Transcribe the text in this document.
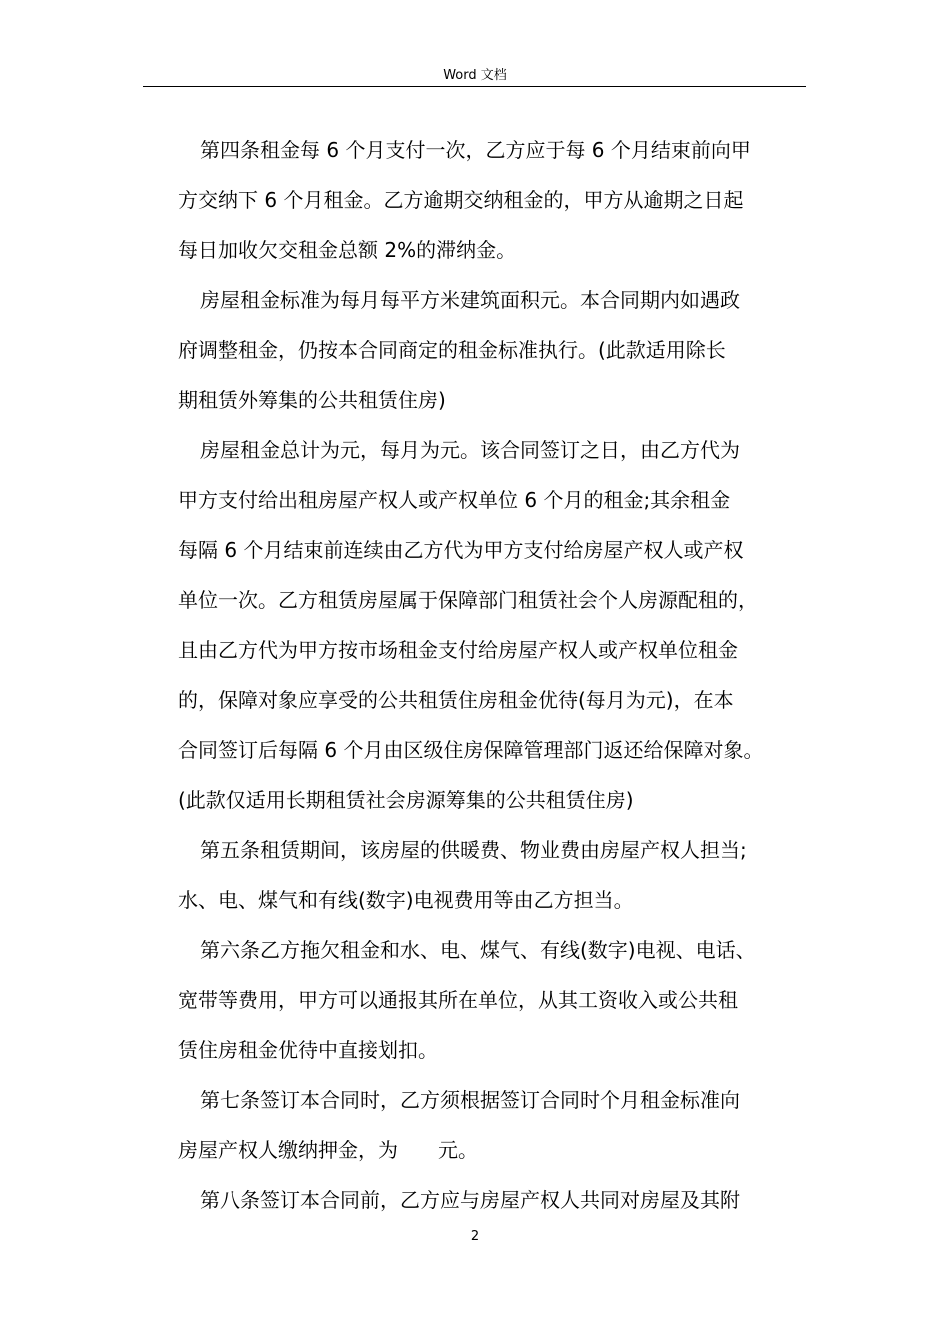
Word 文档
第四条租金每 6 个月支付一次，乙方应于每 6 个月结束前向甲
方交纳下 6 个月租金。乙方逾期交纳租金的，甲方从逾期之日起
每日加收欠交租金总额 2%的滞纳金。
房屋租金标准为每月每平方米建筑面积元。本合同期内如遇政
府调整租金，仍按本合同商定的租金标准执行。(此款适用除长
期租赁外筹集的公共租赁住房)
房屋租金总计为元，每月为元。该合同签订之日，由乙方代为
甲方支付给出租房屋产权人或产权单位 6 个月的租金;其余租金
每隔 6 个月结束前连续由乙方代为甲方支付给房屋产权人或产权
单位一次。乙方租赁房屋属于保障部门租赁社会个人房源配租的，
且由乙方代为甲方按市场租金支付给房屋产权人或产权单位租金
的，保障对象应享受的公共租赁住房租金优待(每月为元)，在本
合同签订后每隔 6 个月由区级住房保障管理部门返还给保障对象。
(此款仅适用长期租赁社会房源筹集的公共租赁住房)
第五条租赁期间，该房屋的供暖费、物业费由房屋产权人担当;
水、电、煤气和有线(数字)电视费用等由乙方担当。
第六条乙方拖欠租金和水、电、煤气、有线(数字)电视、电话、
宽带等费用，甲方可以通报其所在单位，从其工资收入或公共租
赁住房租金优待中直接划扣。
第七条签订本合同时，乙方须根据签订合同时个月租金标准向
房屋产权人缴纳押金，为　　元。
第八条签订本合同前，乙方应与房屋产权人共同对房屋及其附
2
